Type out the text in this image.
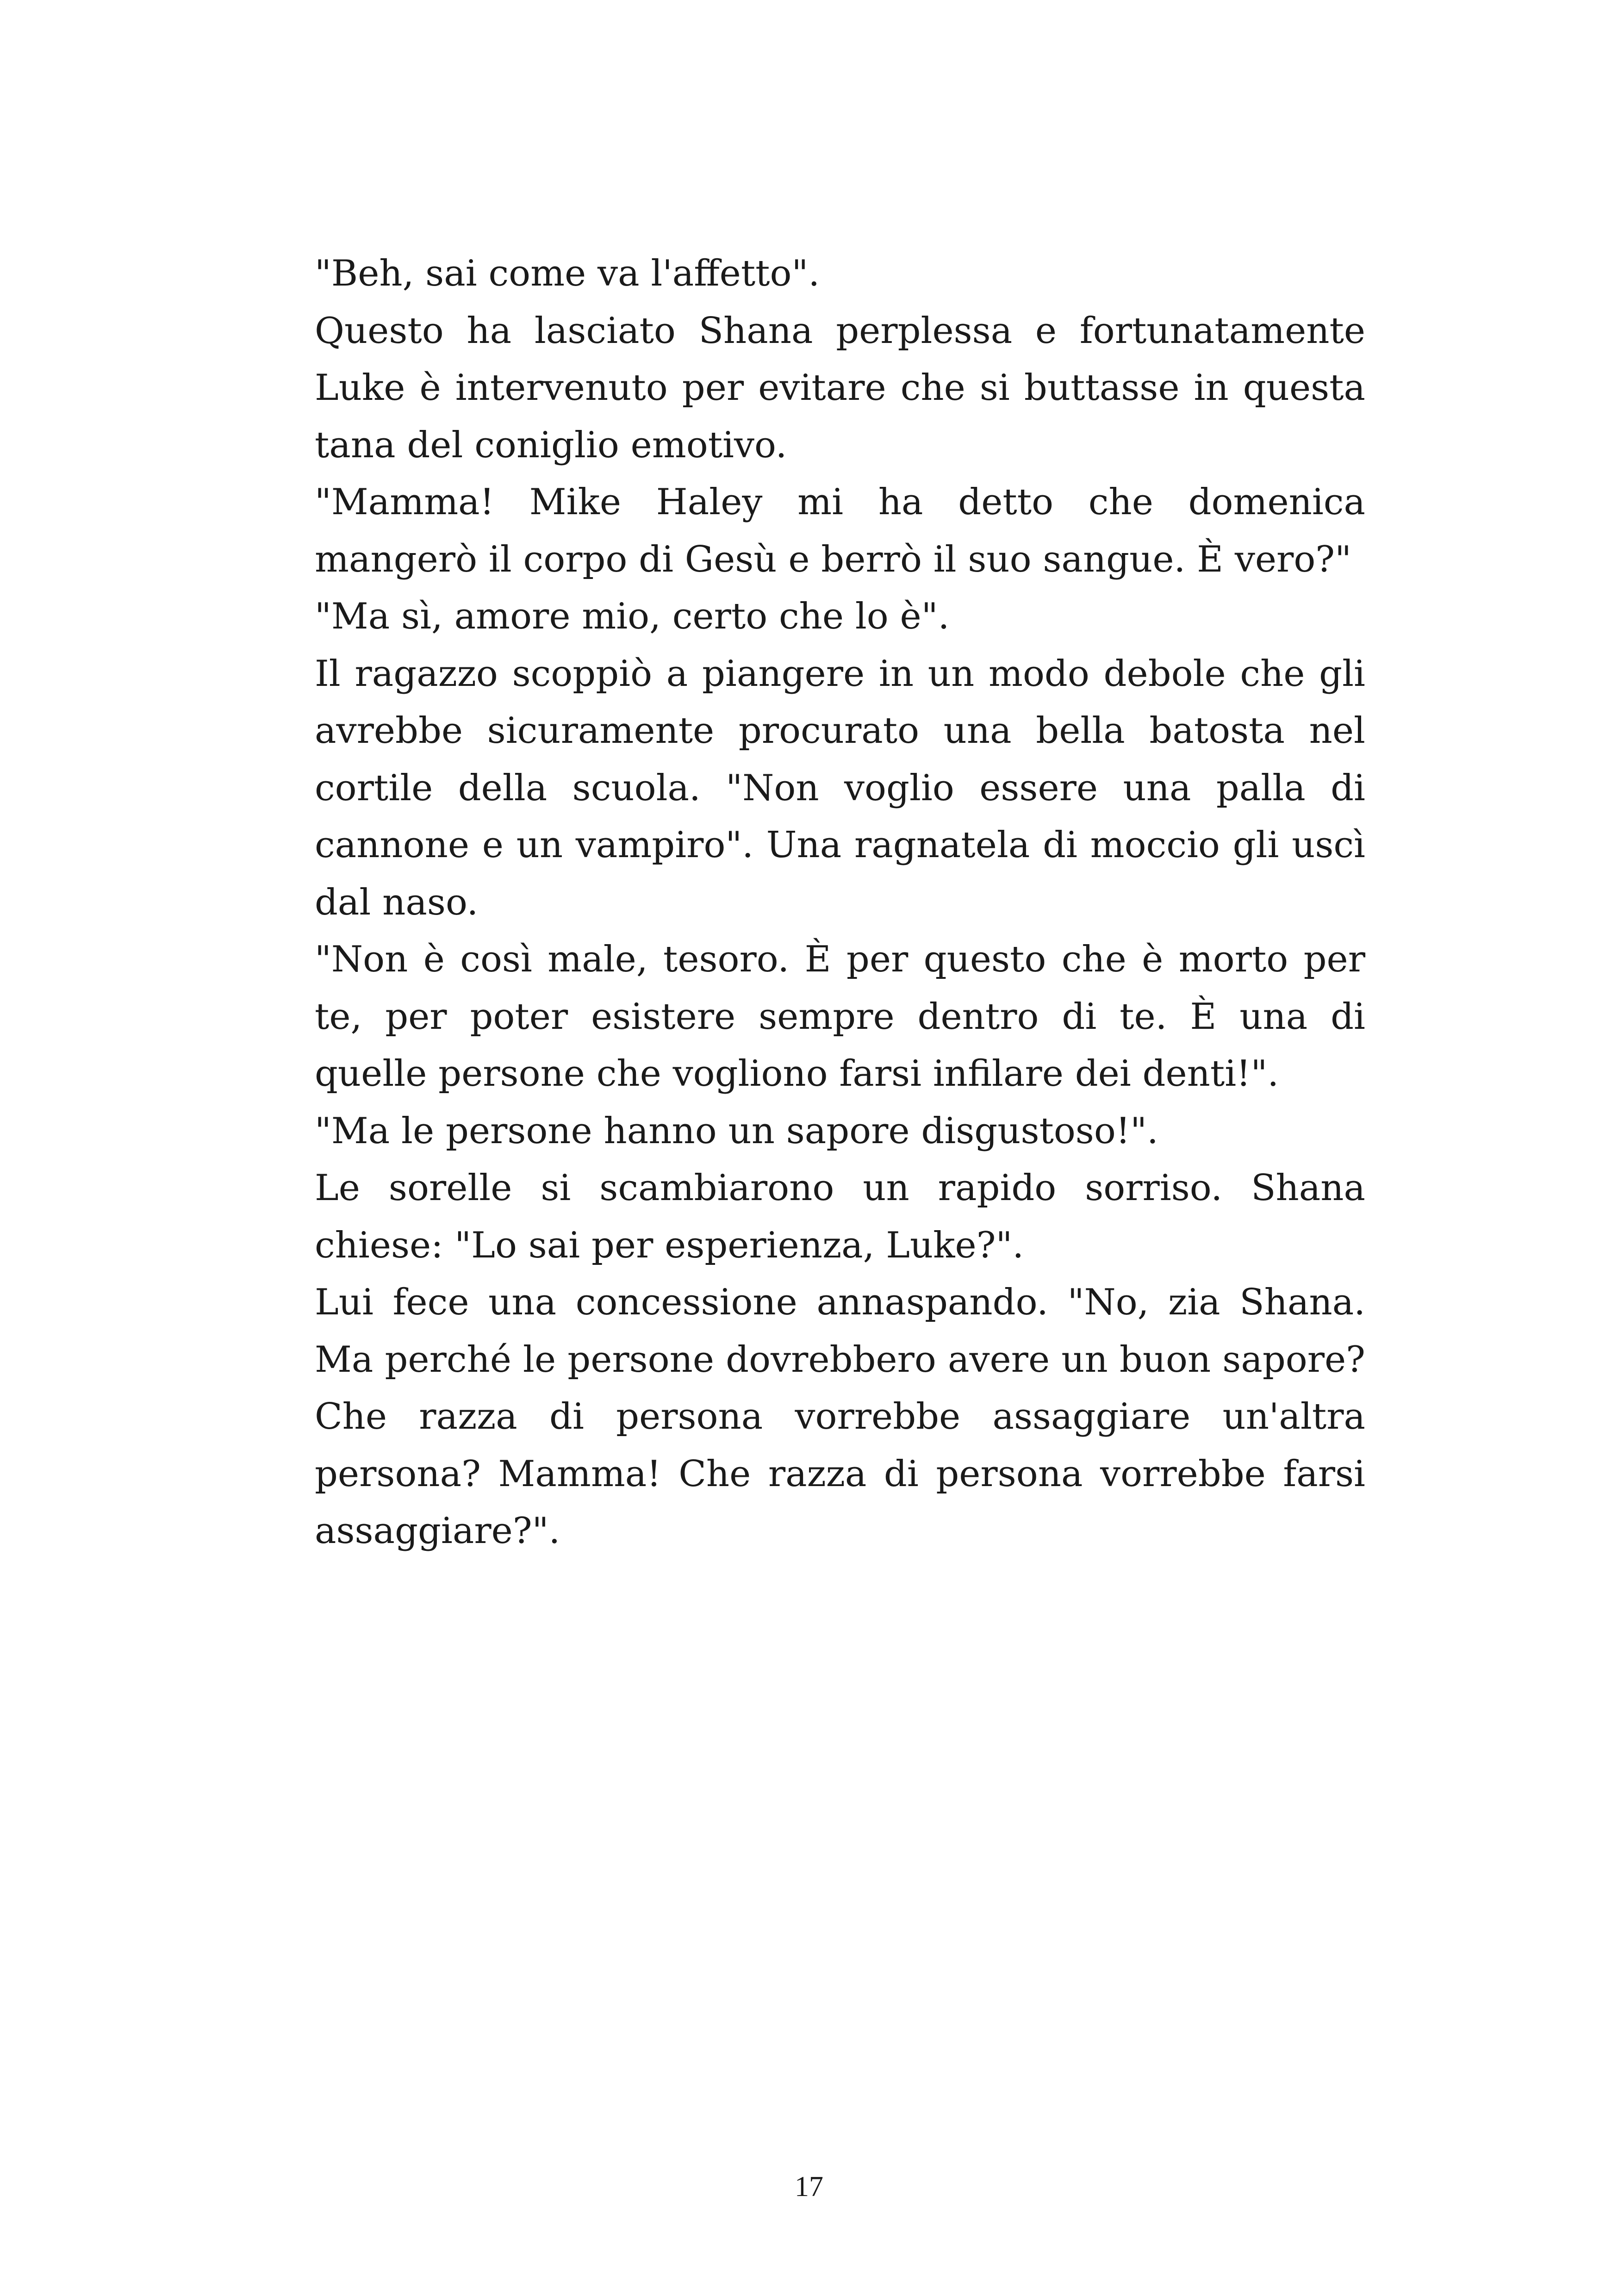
"Beh, sai come va l'affetto".

Questo ha lasciato Shana perplessa e fortunatamente Luke è intervenuto per evitare che si buttasse in questa tana del coniglio emotivo.

"Mamma! Mike Haley mi ha detto che domenica mangerò il corpo di Gesù e berrò il suo sangue. È vero?"

"Ma sì, amore mio, certo che lo è".

Il ragazzo scoppiò a piangere in un modo debole che gli avrebbe sicuramente procurato una bella batosta nel cortile della scuola. "Non voglio essere una palla di cannone e un vampiro". Una ragnatela di moccio gli uscì dal naso.

"Non è così male, tesoro. È per questo che è morto per te, per poter esistere sempre dentro di te. È una di quelle persone che vogliono farsi infilare dei denti!".

"Ma le persone hanno un sapore disgustoso!".

Le sorelle si scambiarono un rapido sorriso. Shana chiese: "Lo sai per esperienza, Luke?".

Lui fece una concessione annaspando. "No, zia Shana. Ma perché le persone dovrebbero avere un buon sapore? Che razza di persona vorrebbe assaggiare un'altra persona? Mamma! Che razza di persona vorrebbe farsi assaggiare?".

17
